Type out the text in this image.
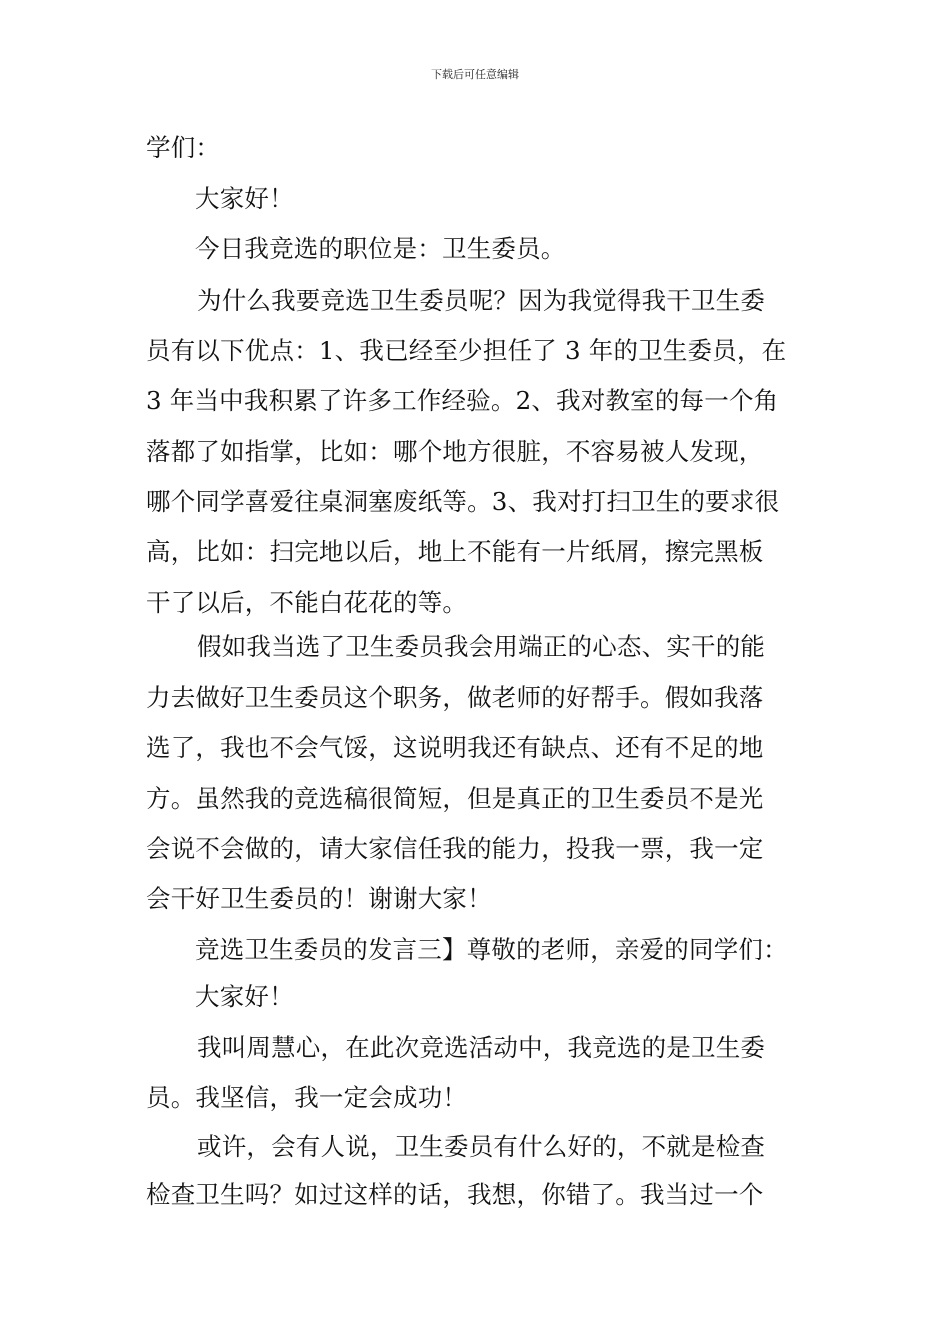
下载后可任意编辑
学们：
大家好！
今日我竞选的职位是：卫生委员。
为什么我要竞选卫生委员呢？因为我觉得我干卫生委
员有以下优点：1、我已经至少担任了 3 年的卫生委员，在
3 年当中我积累了许多工作经验。2、我对教室的每一个角
落都了如指掌，比如：哪个地方很脏，不容易被人发现，
哪个同学喜爱往桌洞塞废纸等。3、我对打扫卫生的要求很
高，比如：扫完地以后，地上不能有一片纸屑，擦完黑板
干了以后，不能白花花的等。
假如我当选了卫生委员我会用端正的心态、实干的能
力去做好卫生委员这个职务，做老师的好帮手。假如我落
选了，我也不会气馁，这说明我还有缺点、还有不足的地
方。虽然我的竞选稿很简短，但是真正的卫生委员不是光
会说不会做的，请大家信任我的能力，投我一票，我一定
会干好卫生委员的！谢谢大家！
竞选卫生委员的发言三】尊敬的老师，亲爱的同学们：
大家好！
我叫周慧心，在此次竞选活动中，我竞选的是卫生委
员。我坚信，我一定会成功！
或许，会有人说，卫生委员有什么好的，不就是检查
检查卫生吗？如过这样的话，我想，你错了。我当过一个
